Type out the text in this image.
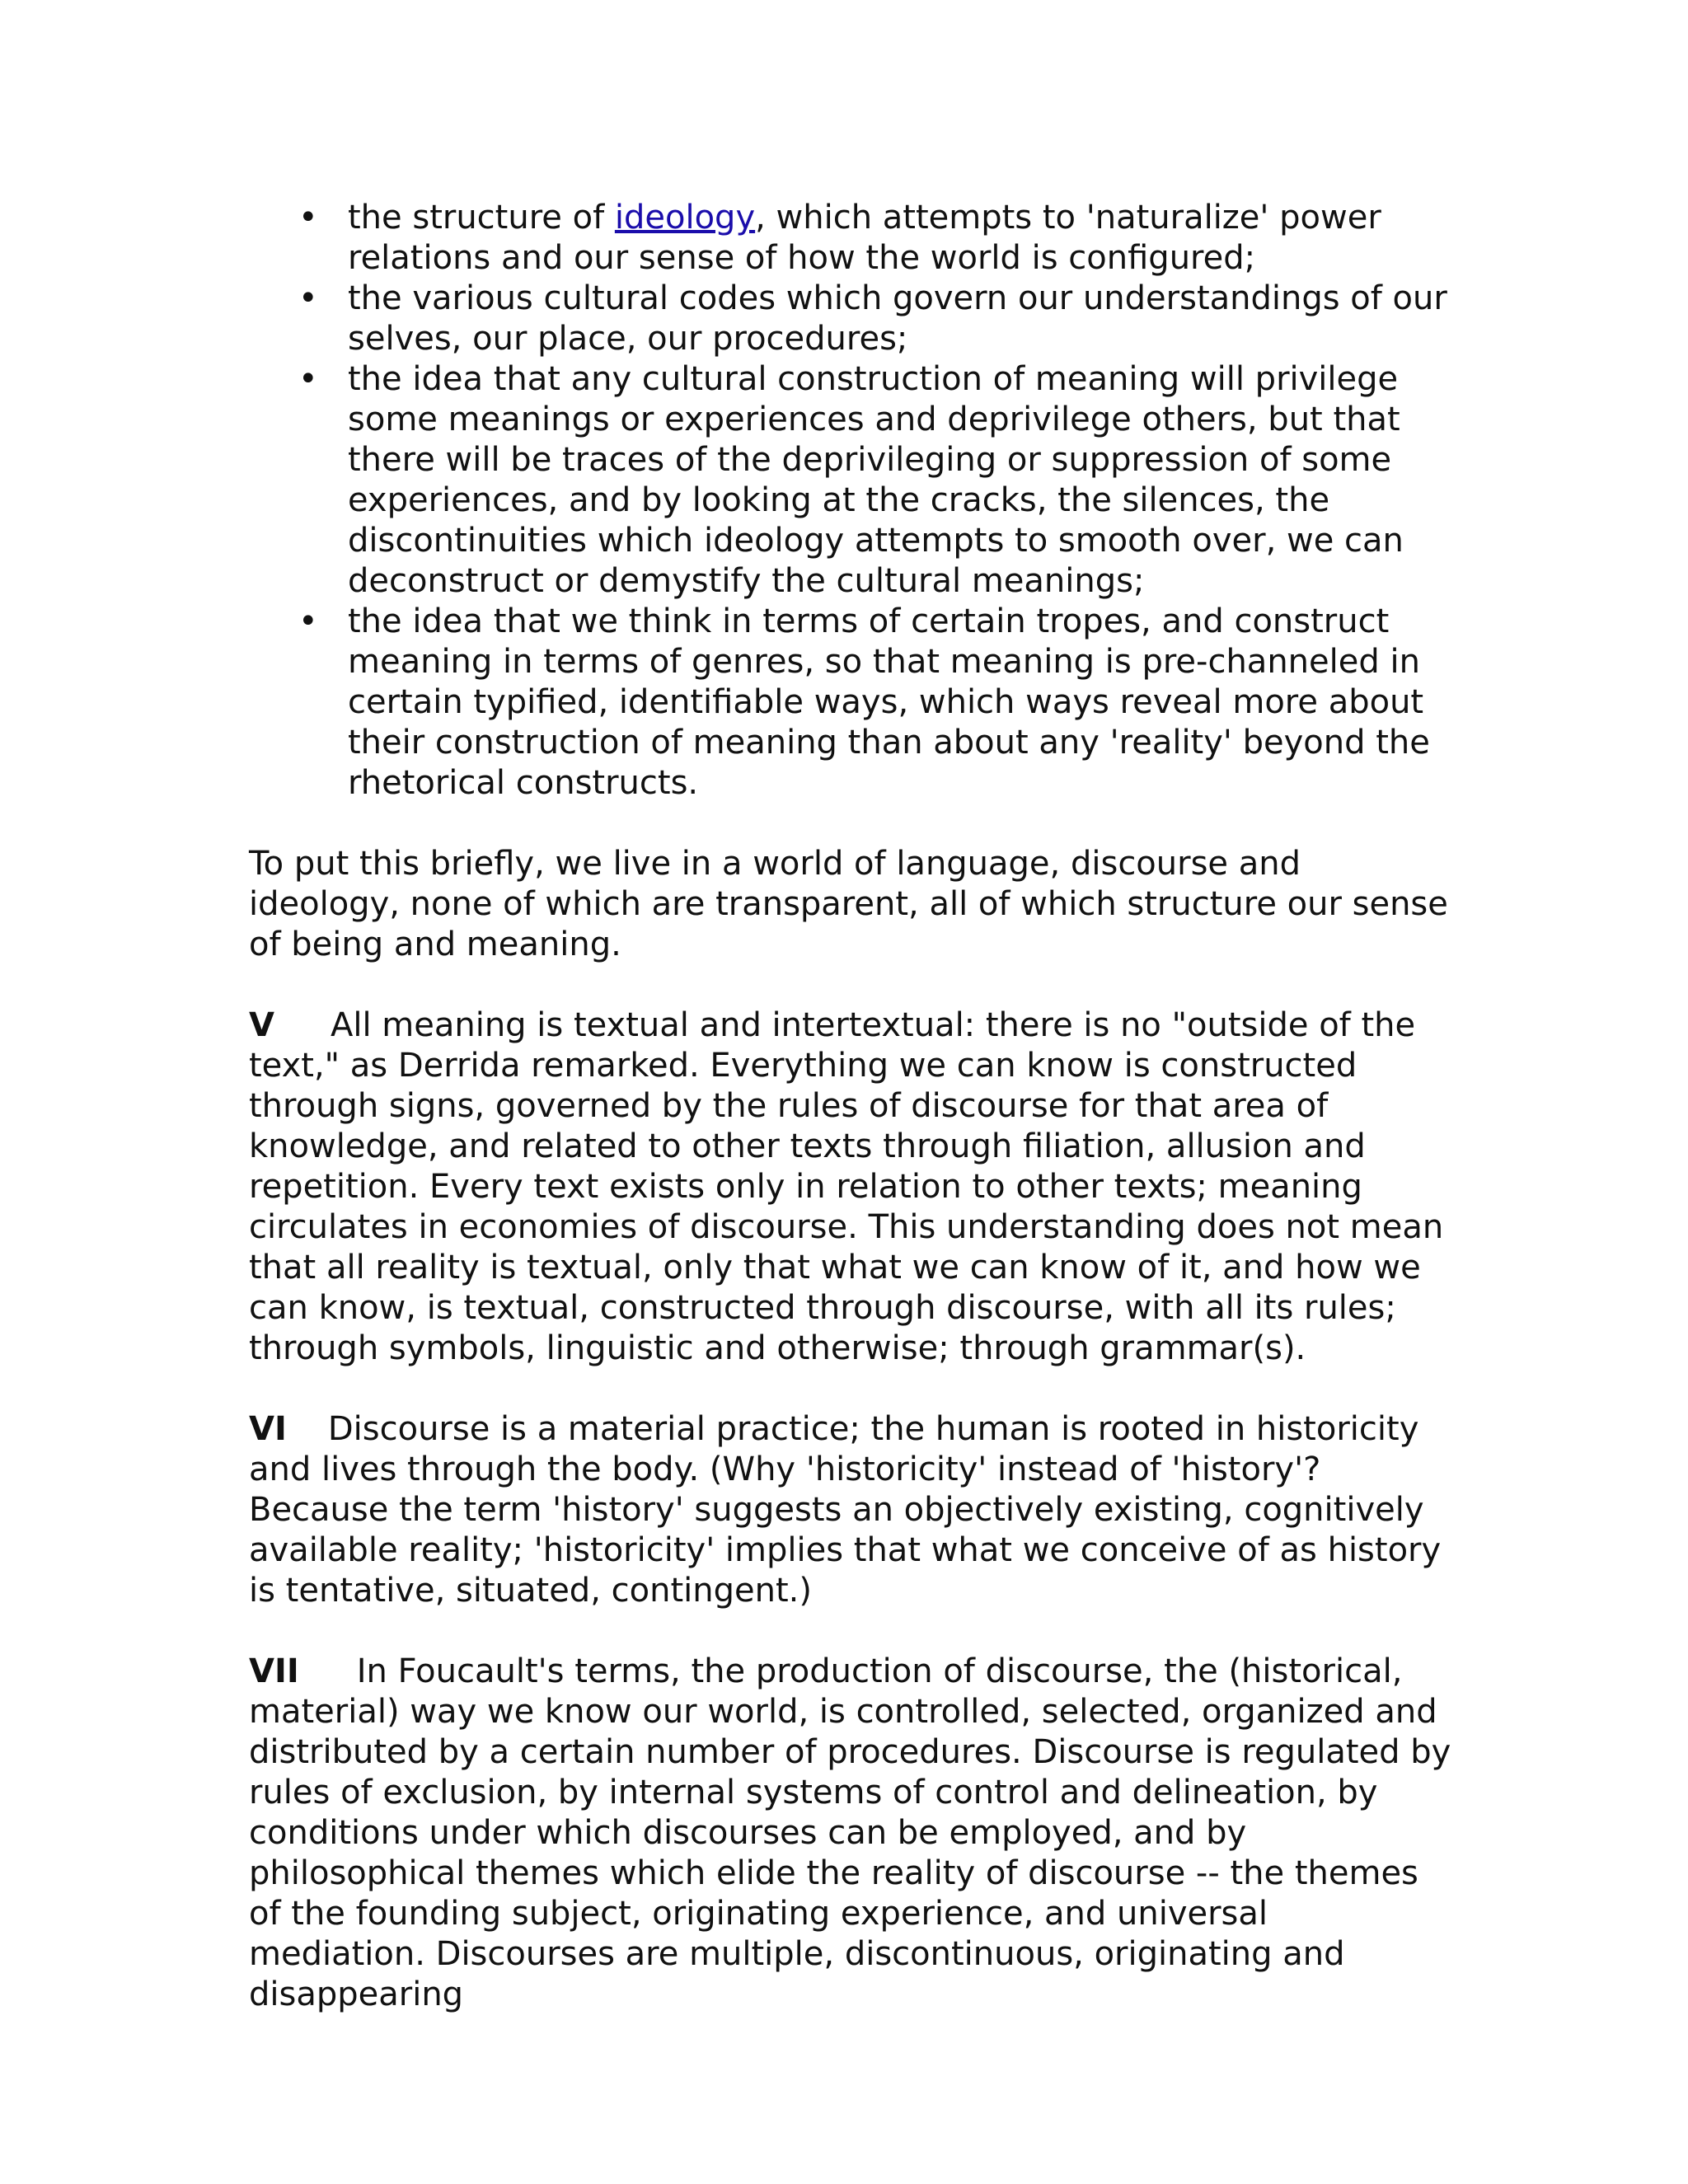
• the structure of ideology, which attempts to 'naturalize' power relations and our sense of how the world is configured;
• the various cultural codes which govern our understandings of our selves, our place, our procedures;
• the idea that any cultural construction of meaning will privilege some meanings or experiences and deprivilege others, but that there will be traces of the deprivileging or suppression of some experiences, and by looking at the cracks, the silences, the discontinuities which ideology attempts to smooth over, we can deconstruct or demystify the cultural meanings;
• the idea that we think in terms of certain tropes, and construct meaning in terms of genres, so that meaning is pre-channeled in certain typified, identifiable ways, which ways reveal more about their construction of meaning than about any 'reality' beyond the rhetorical constructs.

To put this briefly, we live in a world of language, discourse and ideology, none of which are transparent, all of which structure our sense of being and meaning.

V All meaning is textual and intertextual: there is no "outside of the text," as Derrida remarked. Everything we can know is constructed through signs, governed by the rules of discourse for that area of knowledge, and related to other texts through filiation, allusion and repetition. Every text exists only in relation to other texts; meaning circulates in economies of discourse. This understanding does not mean that all reality is textual, only that what we can know of it, and how we can know, is textual, constructed through discourse, with all its rules; through symbols, linguistic and otherwise; through grammar(s).

VI Discourse is a material practice; the human is rooted in historicity and lives through the body. (Why 'historicity' instead of 'history'? Because the term 'history' suggests an objectively existing, cognitively available reality; 'historicity' implies that what we conceive of as history is tentative, situated, contingent.)

VII In Foucault's terms, the production of discourse, the (historical, material) way we know our world, is controlled, selected, organized and distributed by a certain number of procedures. Discourse is regulated by rules of exclusion, by internal systems of control and delineation, by conditions under which discourses can be employed, and by philosophical themes which elide the reality of discourse -- the themes of the founding subject, originating experience, and universal mediation. Discourses are multiple, discontinuous, originating and disappearing
